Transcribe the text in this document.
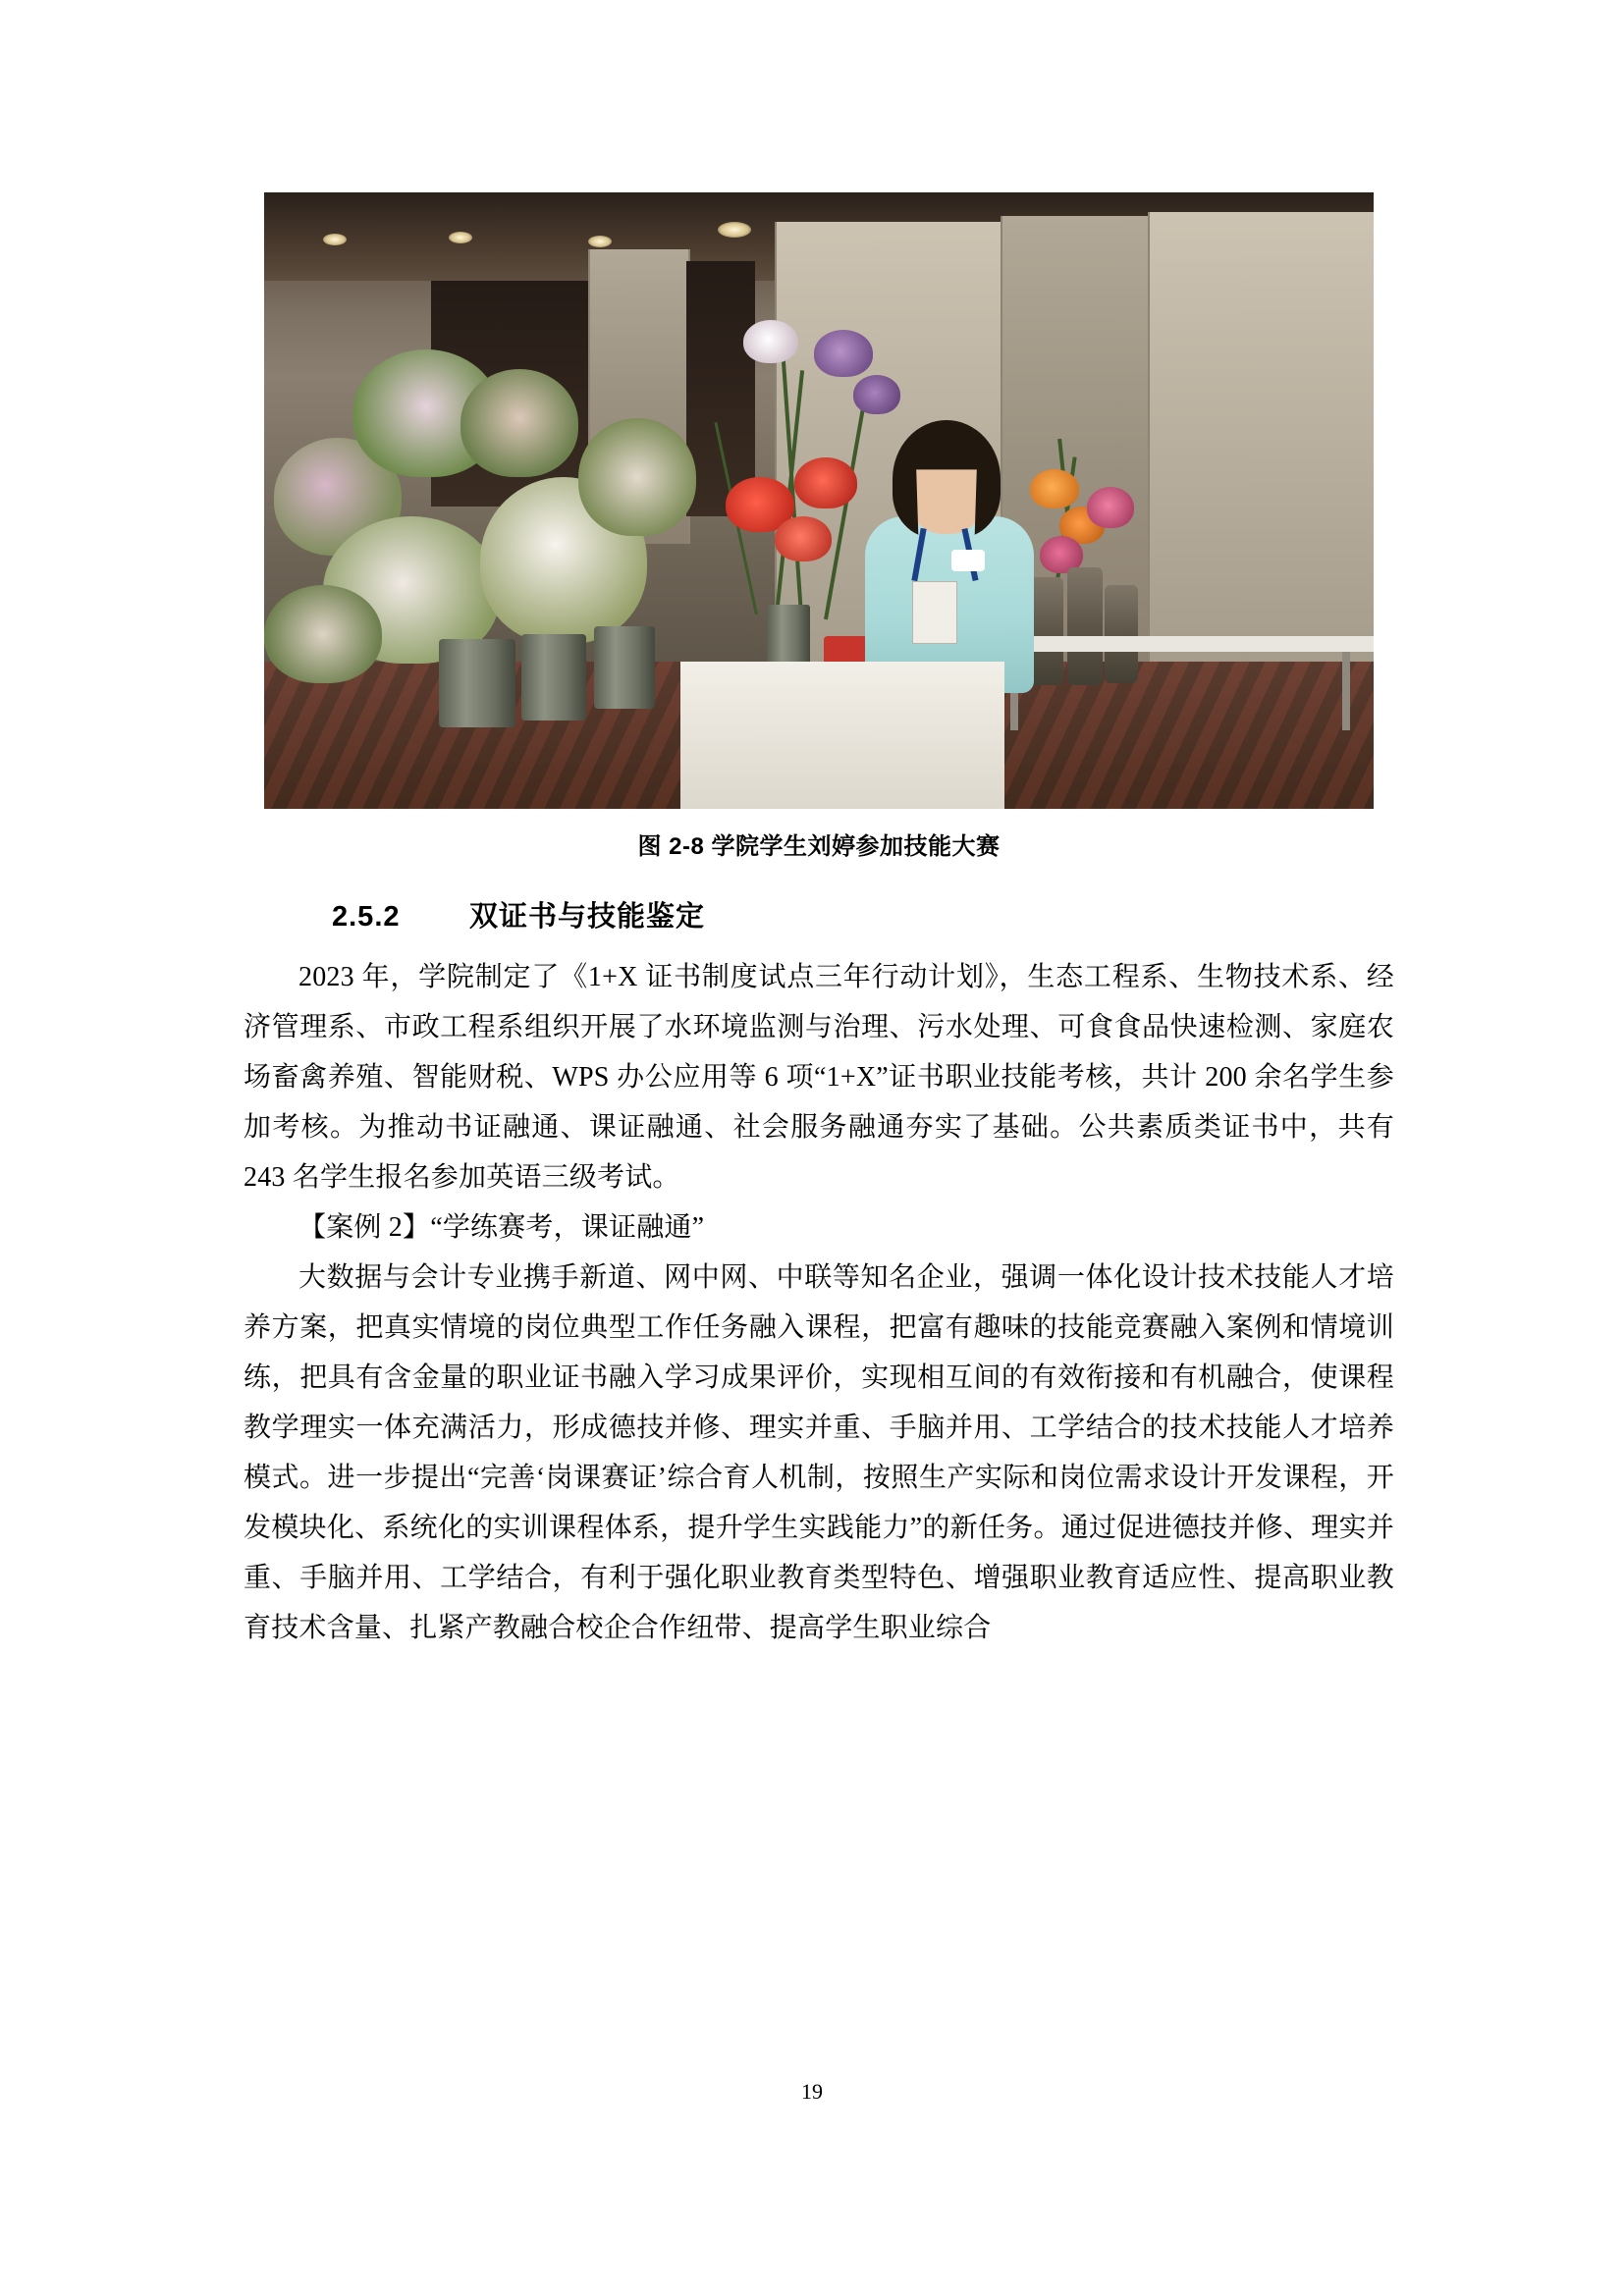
图 2-8 学院学生刘婷参加技能大赛
2.5.2 双证书与技能鉴定

2023 年，学院制定了《1+X 证书制度试点三年行动计划》，生态工程系、生物技术系、经济管理系、市政工程系组织开展了水环境监测与治理、污水处理、可食食品快速检测、家庭农场畜禽养殖、智能财税、WPS 办公应用等 6 项“1+X”证书职业技能考核，共计 200 余名学生参加考核。为推动书证融通、课证融通、社会服务融通夯实了基础。公共素质类证书中，共有 243 名学生报名参加英语三级考试。

【案例 2】“学练赛考，课证融通”

大数据与会计专业携手新道、网中网、中联等知名企业，强调一体化设计技术技能人才培养方案，把真实情境的岗位典型工作任务融入课程，把富有趣味的技能竞赛融入案例和情境训练，把具有含金量的职业证书融入学习成果评价，实现相互间的有效衔接和有机融合，使课程教学理实一体充满活力，形成德技并修、理实并重、手脑并用、工学结合的技术技能人才培养模式。进一步提出“完善‘岗课赛证’综合育人机制，按照生产实际和岗位需求设计开发课程，开发模块化、系统化的实训课程体系，提升学生实践能力”的新任务。通过促进德技并修、理实并重、手脑并用、工学结合，有利于强化职业教育类型特色、增强职业教育适应性、提高职业教育技术含量、扎紧产教融合校企合作纽带、提高学生职业综合

19
